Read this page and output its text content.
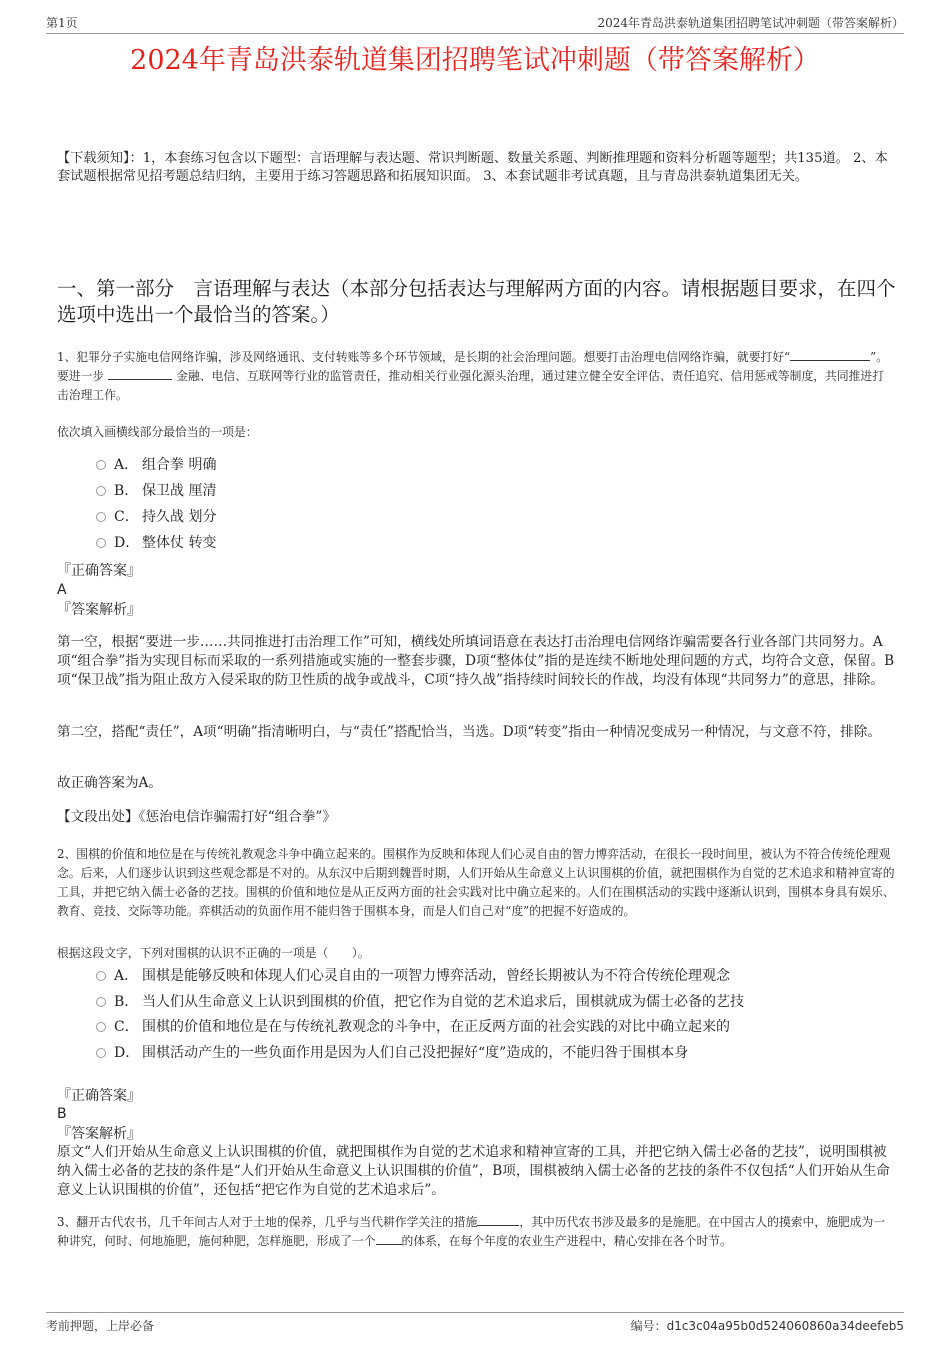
第1页	2024年青岛洪泰轨道集团招聘笔试冲刺题（带答案解析）
2024年青岛洪泰轨道集团招聘笔试冲刺题（带答案解析）
【下载须知】：1，本套练习包含以下题型：言语理解与表达题、常识判断题、数量关系题、判断推理题和资料分析题等题型；共135道。 2、本套试题根据常见招考题总结归纳，主要用于练习答题思路和拓展知识面。 3、本套试题非考试真题，且与青岛洪泰轨道集团无关。
一、第一部分　言语理解与表达（本部分包括表达与理解两方面的内容。请根据题目要求，在四个选项中选出一个最恰当的答案。）
1、犯罪分子实施电信网络诈骗，涉及网络通讯、支付转账等多个环节领域，是长期的社会治理问题。想要打击治理电信网络诈骗，就要打好“	”。要进一步	金融、电信、互联网等行业的监管责任，推动相关行业强化源头治理，通过建立健全安全评估、责任追究、信用惩戒等制度，共同推进打击治理工作。
依次填入画横线部分最恰当的一项是：
A． 组合拳 明确
B． 保卫战 厘清
C． 持久战 划分
D． 整体仗 转变
『正确答案』
A
『答案解析』
第一空，根据“要进一步……共同推进打击治理工作”可知，横线处所填词语意在表达打击治理电信网络诈骗需要各行业各部门共同努力。A项“组合拳”指为实现目标而采取的一系列措施或实施的一整套步骤，D项“整体仗”指的是连续不断地处理问题的方式，均符合文意，保留。B项“保卫战”指为阻止敌方入侵采取的防卫性质的战争或战斗，C项“持久战”指持续时间较长的作战，均没有体现“共同努力”的意思，排除。
第二空，搭配“责任”，A项“明确”指清晰明白，与“责任”搭配恰当，当选。D项“转变”指由一种情况变成另一种情况，与文意不符，排除。
故正确答案为A。
【文段出处】《惩治电信诈骗需打好“组合拳”》
2、围棋的价值和地位是在与传统礼教观念斗争中确立起来的。围棋作为反映和体现人们心灵自由的智力博弈活动，在很长一段时间里，被认为不符合传统伦理观念。后来，人们逐步认识到这些观念都是不对的。从东汉中后期到魏晋时期，人们开始从生命意义上认识围棋的价值，就把围棋作为自觉的艺术追求和精神宣寄的工具，并把它纳入儒士必备的艺技。围棋的价值和地位是从正反两方面的社会实践对比中确立起来的。人们在围棋活动的实践中逐渐认识到，围棋本身具有娱乐、教育、竞技、交际等功能。弈棋活动的负面作用不能归咎于围棋本身，而是人们自己对“度”的把握不好造成的。
根据这段文字，下列对围棋的认识不正确的一项是（　　）。
A． 围棋是能够反映和体现人们心灵自由的一项智力博弈活动，曾经长期被认为不符合传统伦理观念
B． 当人们从生命意义上认识到围棋的价值，把它作为自觉的艺术追求后，围棋就成为儒士必备的艺技
C． 围棋的价值和地位是在与传统礼教观念的斗争中，在正反两方面的社会实践的对比中确立起来的
D． 围棋活动产生的一些负面作用是因为人们自己没把握好“度”造成的，不能归咎于围棋本身
『正确答案』
B
『答案解析』
原文“人们开始从生命意义上认识围棋的价值，就把围棋作为自觉的艺术追求和精神宣寄的工具，并把它纳入儒士必备的艺技”，说明围棋被纳入儒士必备的艺技的条件是“人们开始从生命意义上认识围棋的价值”，B项，围棋被纳入儒士必备的艺技的条件不仅包括“人们开始从生命意义上认识围棋的价值”，还包括“把它作为自觉的艺术追求后”。
3、翻开古代农书，几千年间古人对于土地的保养，几乎与当代耕作学关注的措施	，其中历代农书涉及最多的是施肥。在中国古人的摸索中，施肥成为一种讲究，何时、何地施肥，施何种肥，怎样施肥，形成了一个 的体系，在每个年度的农业生产进程中，精心安排在各个时节。
考前押题，上岸必备	编号：d1c3c04a95b0d524060860a34deefeb5
